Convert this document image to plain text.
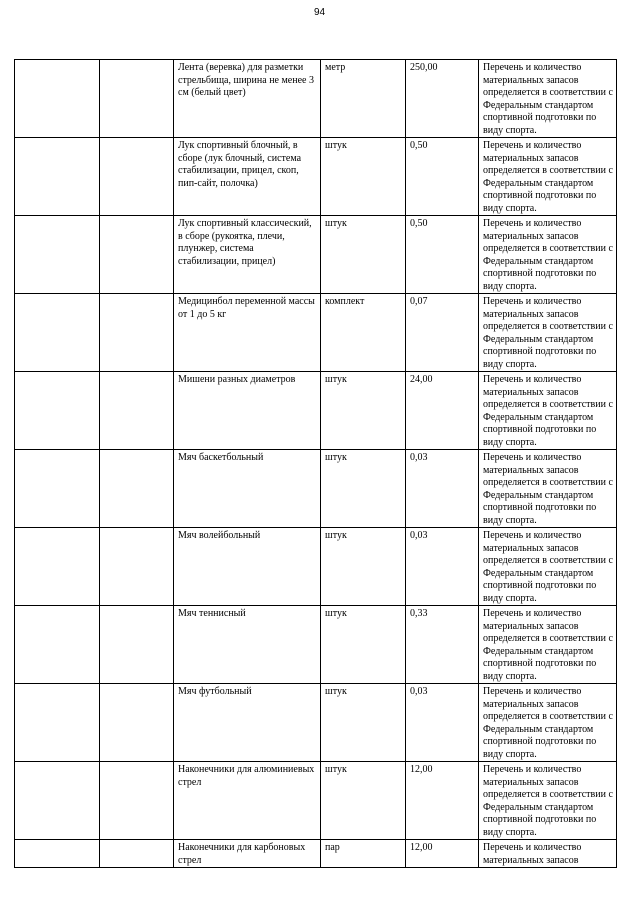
94
		Лента (веревка) для разметки стрельбища, ширина не менее 3 см (белый цвет)	метр	250,00	Перечень и количество материальных запасов определяется в соответствии с Федеральным стандартом спортивной подготовки по виду спорта.
		Лук спортивный блочный, в сборе (лук блочный, система стабилизации, прицел, скоп, пип-сайт, полочка)	штук	0,50	Перечень и количество материальных запасов определяется в соответствии с Федеральным стандартом спортивной подготовки по виду спорта.
		Лук спортивный классический, в сборе (рукоятка, плечи, плунжер, система стабилизации, прицел)	штук	0,50	Перечень и количество материальных запасов определяется в соответствии с Федеральным стандартом спортивной подготовки по виду спорта.
		Медицинбол переменной массы от 1 до 5 кг	комплект	0,07	Перечень и количество материальных запасов определяется в соответствии с Федеральным стандартом спортивной подготовки по виду спорта.
		Мишени разных диаметров	штук	24,00	Перечень и количество материальных запасов определяется в соответствии с Федеральным стандартом спортивной подготовки по виду спорта.
		Мяч баскетбольный	штук	0,03	Перечень и количество материальных запасов определяется в соответствии с Федеральным стандартом спортивной подготовки по виду спорта.
		Мяч волейбольный	штук	0,03	Перечень и количество материальных запасов определяется в соответствии с Федеральным стандартом спортивной подготовки по виду спорта.
		Мяч теннисный	штук	0,33	Перечень и количество материальных запасов определяется в соответствии с Федеральным стандартом спортивной подготовки по виду спорта.
		Мяч футбольный	штук	0,03	Перечень и количество материальных запасов определяется в соответствии с Федеральным стандартом спортивной подготовки по виду спорта.
		Наконечники для алюминиевых стрел	штук	12,00	Перечень и количество материальных запасов определяется в соответствии с Федеральным стандартом спортивной подготовки по виду спорта.
		Наконечники для карбоновых стрел	пар	12,00	Перечень и количество материальных запасов
